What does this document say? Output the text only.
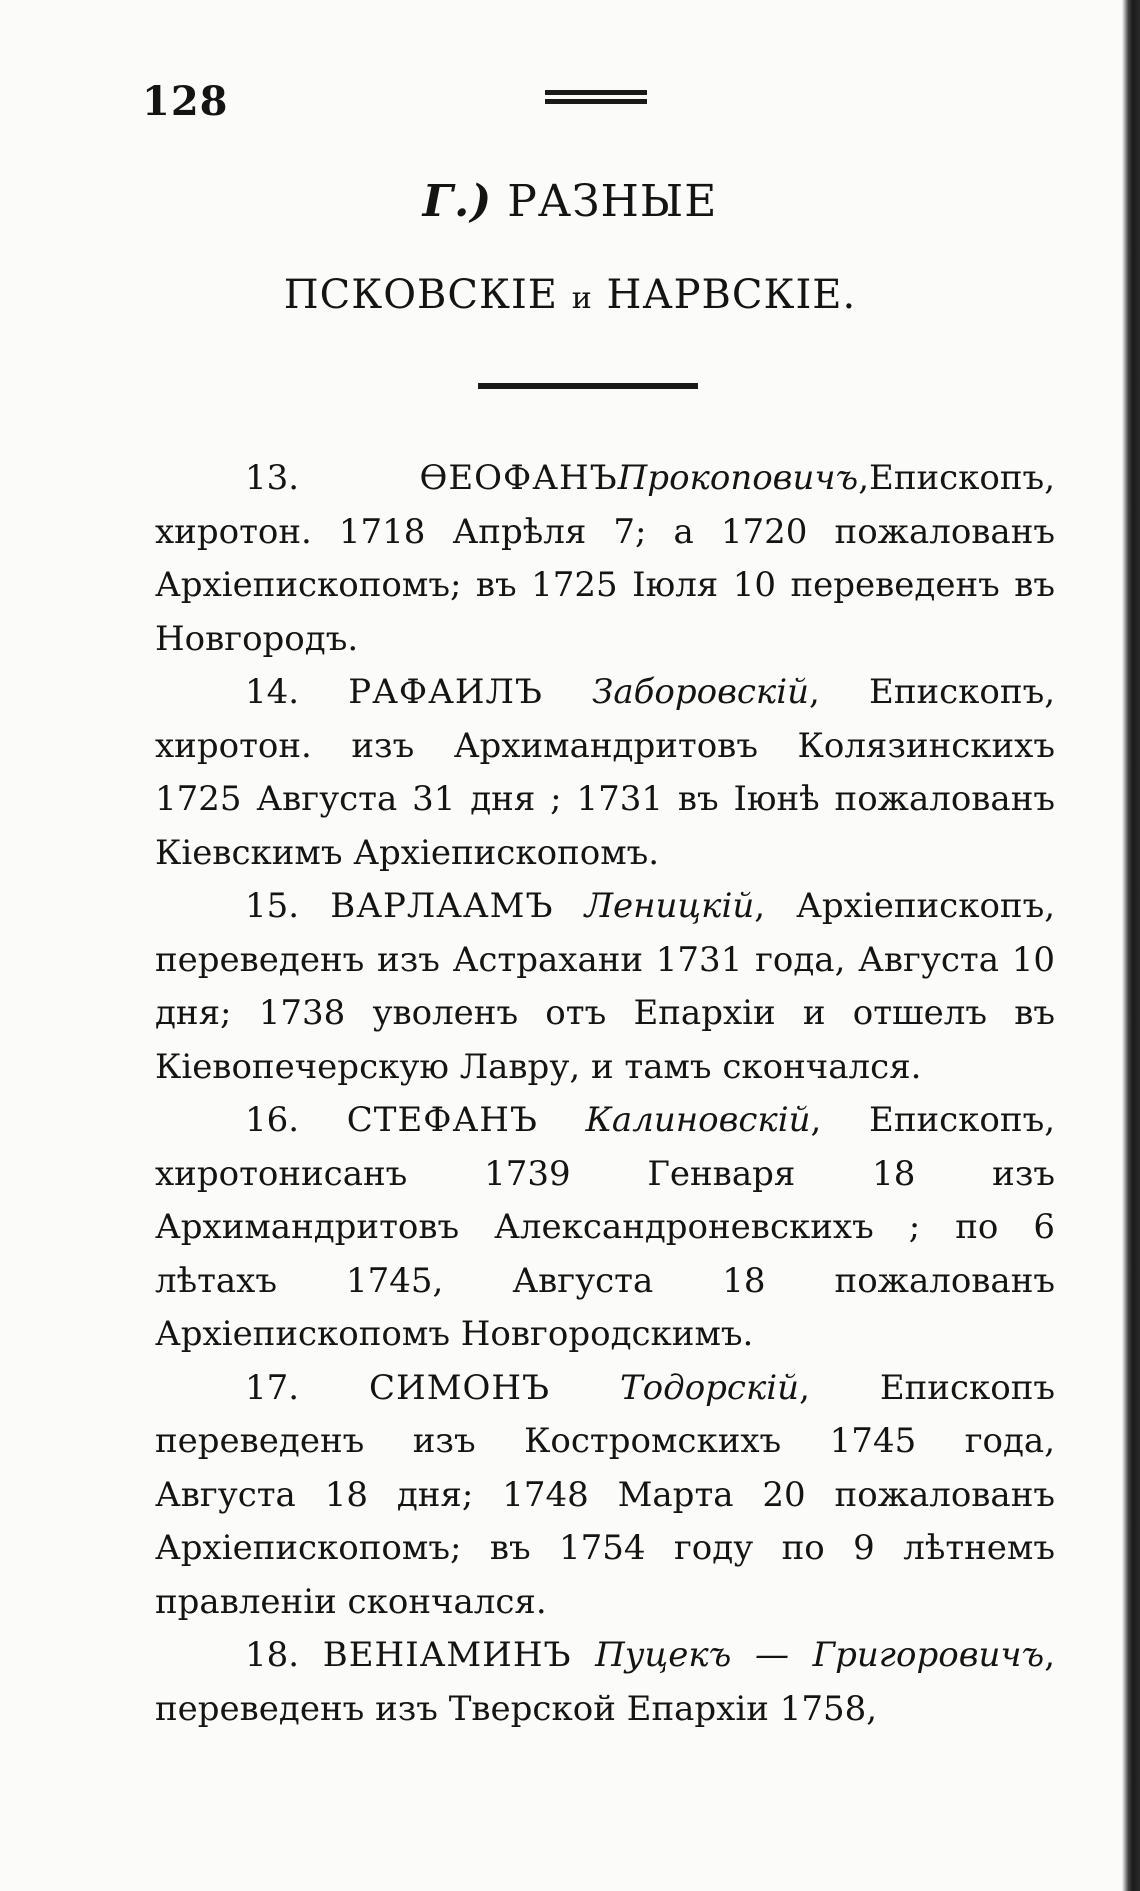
128
Г.) РАЗНЫЕ
ПСКОВСКІЕ и НАРВСКІЕ.

13.	ѲЕОФАНЪПрокоповичъ,Епископъ, хиротон. 1718 Апрѣля 7; а 1720 пожалованъ Архіепископомъ; въ 1725 Іюля 10 переведенъ въ Новгородъ.

14. РАФАИЛЪ Заборовскій, Епископъ, хиротон. изъ Архимандритовъ Колязинскихъ 1725 Августа 31 дня ; 1731 въ Іюнѣ пожалованъ Кіевскимъ Архіепископомъ.

15. ВАРЛААМЪ Леницкій, Архіепископъ, переведенъ изъ Астрахани 1731 года, Августа 10 дня; 1738 уволенъ отъ Епархіи и отшелъ въ Кіевопечерскую Лавру, и тамъ скончался.

16. СТЕФАНЪ Калиновскій, Епископъ, хиротонисанъ 1739 Генваря 18 изъ Архимандритовъ Александроневскихъ ; по 6 лѣтахъ 1745, Августа 18 пожалованъ Архіепископомъ Новгородскимъ.

17. СИМОНЪ Тодорскій, Епископъ переведенъ изъ Костромскихъ 1745 года, Августа 18 дня; 1748 Марта 20 пожалованъ Архіепископомъ; въ 1754 году по 9 лѣтнемъ правленіи скончался.

18. ВЕНІАМИНЪ Пуцекъ — Григоровичъ, переведенъ изъ Тверской Епархіи 1758,
